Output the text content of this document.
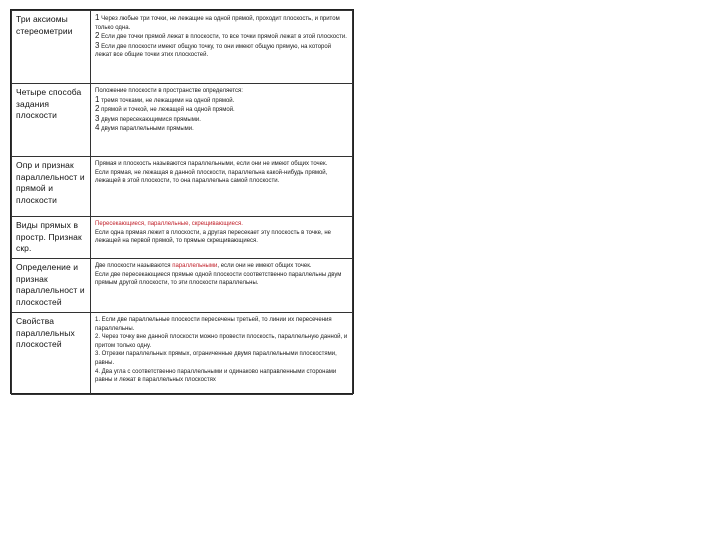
Три аксиомы стереометрии	1 Через любые три точки, не лежащие на одной прямой, проходит плоскость, и притом только одна.
2 Если две точки прямой лежат в плоскости, то все точки прямой лежат в этой плоскости.
3 Если две плоскости имеют общую точку, то они имеют общую прямую, на которой лежат все общие точки этих плоскостей.

Четыре способа задания плоскости	Положение плоскости в пространстве определяется:
1 тремя точками, не лежащими на одной прямой.
2 прямой и точкой, не лежащей на одной прямой.
3 двумя пересекающимися прямыми.
4 двумя параллельными прямыми.

Опр и признак параллельност и прямой и плоскости	Прямая и плоскость называются параллельными, если они не имеют общих точек.
Если прямая, не лежащая в данной плоскости, параллельна какой-нибудь прямой, лежащей в этой плоскости, то она параллельна самой плоскости.

Виды прямых в простр. Признак скр.	Пересекающиеся, параллельные, скрещивающиеся.
Если одна прямая лежит в плоскости, а другая пересекает эту плоскость в точке, не лежащей на первой прямой, то прямые скрещивающиеся.

Определение и признак параллельност и плоскостей	Две плоскости называются параллельными, если они не имеют общих точек.
Если две пересекающиеся прямые одной плоскости соответственно параллельны двум прямым другой плоскости, то эти плоскости параллельны.

Свойства параллельных плоскостей	1. Если две параллельные плоскости пересечены третьей, то линии их пересечения параллельны.
2. Через точку вне данной плоскости можно провести плоскость, параллельную данной, и притом только одну.
3. Отрезки параллельных прямых, ограниченные двумя параллельными плоскостями, равны.
4. Два угла с соответственно параллельными и одинаково направленными сторонами равны и лежат в параллельных плоскостях
